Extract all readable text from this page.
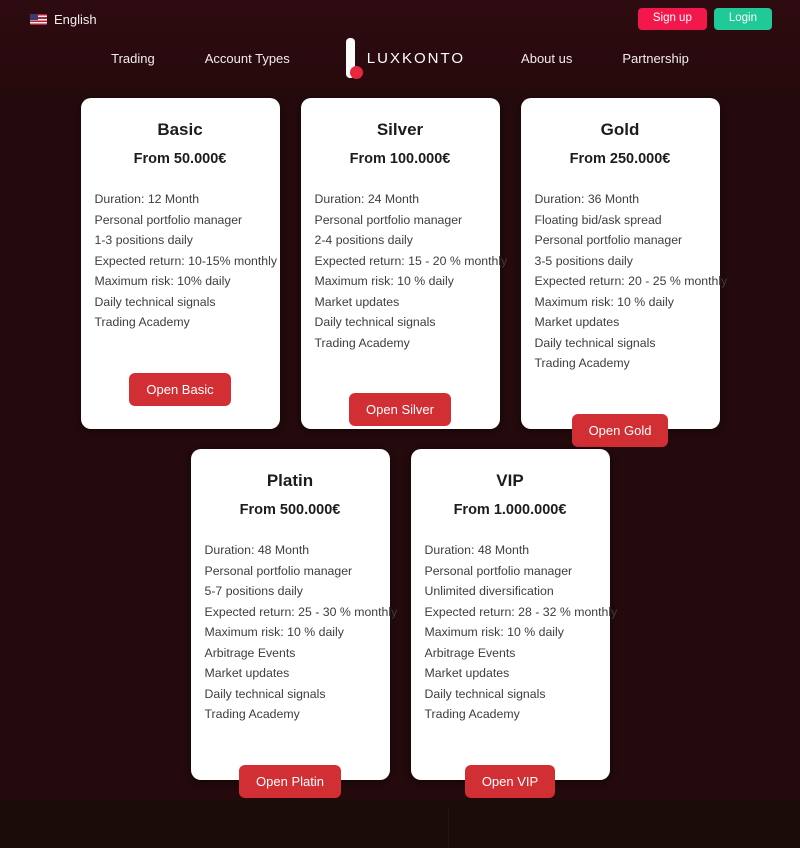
English	Sign up	Login
Trading	Account Types	LUXKONTO	About us	Partnership
Basic
From 50.000€
Duration: 12 Month
Personal portfolio manager
1-3 positions daily
Expected return: 10-15% monthly
Maximum risk: 10% daily
Daily technical signals
Trading Academy
Open Basic
Silver
From 100.000€
Duration: 24 Month
Personal portfolio manager
2-4 positions daily
Expected return: 15 - 20 % monthly
Maximum risk: 10 % daily
Market updates
Daily technical signals
Trading Academy
Open Silver
Gold
From 250.000€
Duration: 36 Month
Floating bid/ask spread
Personal portfolio manager
3-5 positions daily
Expected return: 20 - 25 % monthly
Maximum risk: 10 % daily
Market updates
Daily technical signals
Trading Academy
Open Gold
Platin
From 500.000€
Duration: 48 Month
Personal portfolio manager
5-7 positions daily
Expected return: 25 - 30 % monthly
Maximum risk: 10 % daily
Arbitrage Events
Market updates
Daily technical signals
Trading Academy
Open Platin
VIP
From 1.000.000€
Duration: 48 Month
Personal portfolio manager
Unlimited diversification
Expected return: 28 - 32 % monthly
Maximum risk: 10 % daily
Arbitrage Events
Market updates
Daily technical signals
Trading Academy
Open VIP
